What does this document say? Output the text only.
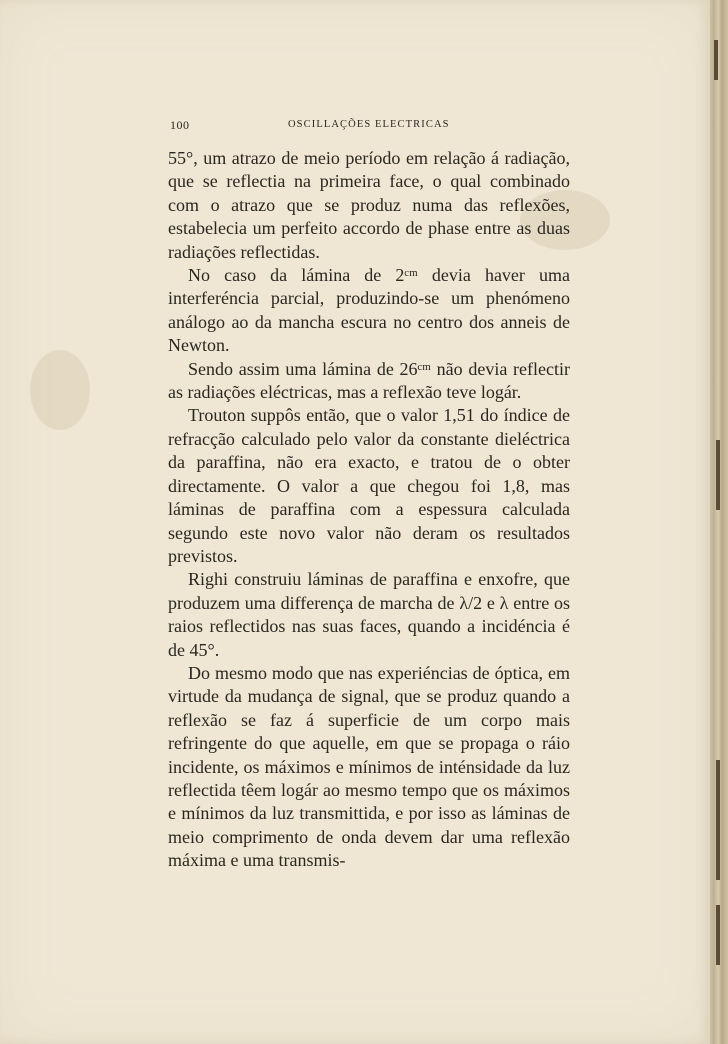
100	OSCILLAÇÕES ELECTRICAS

55°, um atrazo de meio período em relação á radiação, que se reflectia na primeira face, o qual combinado com o atrazo que se produz numa das reflexões, estabelecia um perfeito accordo de phase entre as duas radiações reflectidas.

No caso da lámina de 2ᶜᵐ devia haver uma interferéncia parcial, produzindo-se um phenómeno análogo ao da mancha escura no centro dos anneis de Newton.

Sendo assim uma lámina de 26ᶜᵐ não devia reflectir as radiações eléctricas, mas a reflexão teve logár.

Trouton suppôs então, que o valor 1,51 do índice de refracção calculado pelo valor da constante dieléctrica da paraffina, não era exacto, e tratou de o obter directamente. O valor a que chegou foi 1,8, mas láminas de paraffina com a espessura calculada segundo este novo valor não deram os resultados previstos.

Righi construiu láminas de paraffina e enxofre, que produzem uma differença de marcha de λ/2 e λ entre os raios reflectidos nas suas faces, quando a incidéncia é de 45°.

Do mesmo modo que nas experiéncias de óptica, em virtude da mudança de signal, que se produz quando a reflexão se faz á superficie de um corpo mais refringente do que aquelle, em que se propaga o ráio incidente, os máximos e mínimos de inténsidade da luz reflectida têem logár ao mesmo tempo que os máximos e mínimos da luz transmittida, e por isso as láminas de meio comprimento de onda devem dar uma reflexão máxima e uma transmis-
